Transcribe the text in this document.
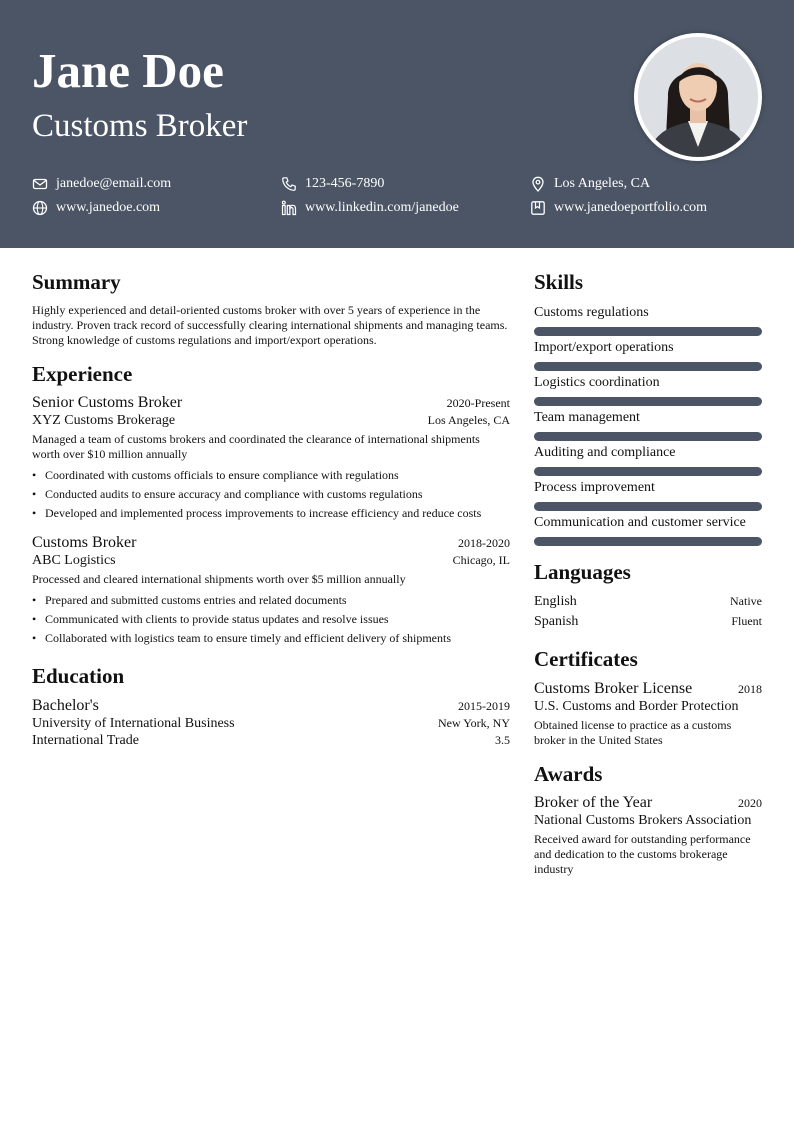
Jane Doe
Customs Broker
janedoe@email.com	123-456-7890	Los Angeles, CA
www.janedoe.com	www.linkedin.com/janedoe	www.janedoeportfolio.com
Summary

Highly experienced and detail-oriented customs broker with over 5 years of experience in the industry. Proven track record of successfully clearing international shipments and managing teams. Strong knowledge of customs regulations and import/export operations.

Experience
Senior Customs Broker	2020-Present
XYZ Customs Brokerage	Los Angeles, CA
Managed a team of customs brokers and coordinated the clearance of international shipments worth over $10 million annually
• Coordinated with customs officials to ensure compliance with regulations
• Conducted audits to ensure accuracy and compliance with customs regulations
• Developed and implemented process improvements to increase efficiency and reduce costs
Customs Broker	2018-2020
ABC Logistics	Chicago, IL
Processed and cleared international shipments worth over $5 million annually
• Prepared and submitted customs entries and related documents
• Communicated with clients to provide status updates and resolve issues
• Collaborated with logistics team to ensure timely and efficient delivery of shipments
Education
Bachelor's	2015-2019
University of International Business	New York, NY
International Trade	3.5
Skills
Customs regulations
Import/export operations
Logistics coordination
Team management
Auditing and compliance
Process improvement
Communication and customer service
Languages
English	Native
Spanish	Fluent
Certificates
Customs Broker License	2018
U.S. Customs and Border Protection
Obtained license to practice as a customs broker in the United States
Awards
Broker of the Year	2020
National Customs Brokers Association
Received award for outstanding performance and dedication to the customs brokerage industry
